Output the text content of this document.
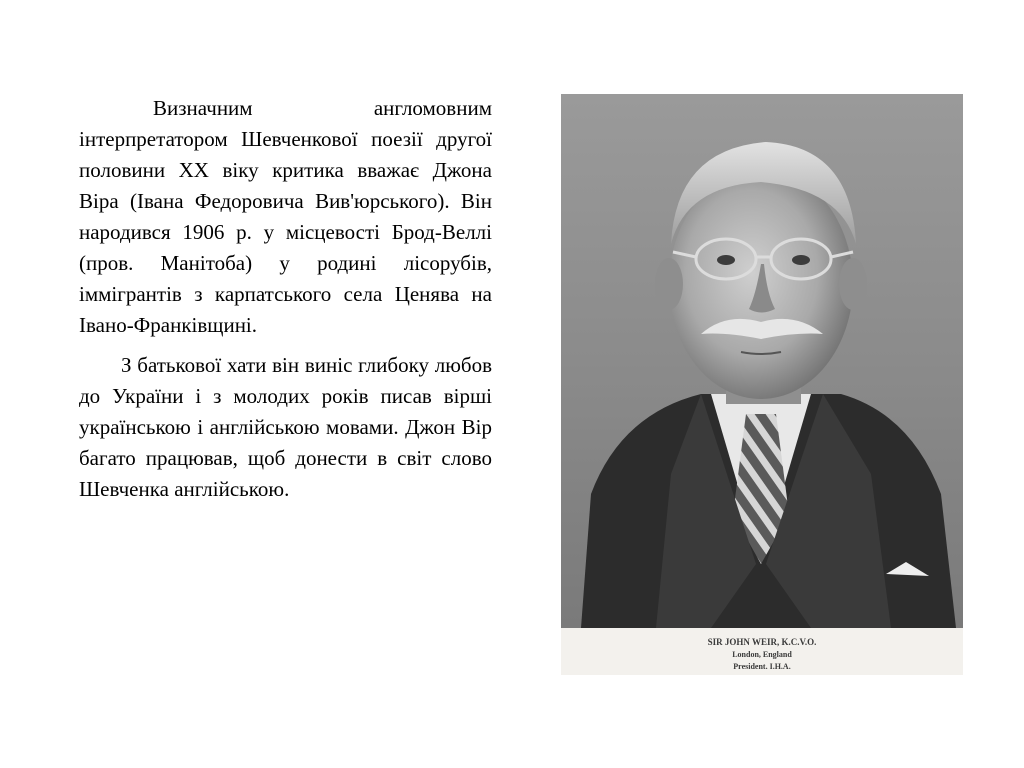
Визначним англомовним інтерпретатором Шевченкової поезії другої половини ХХ віку критика вважає Джона Віра (Івана Федоровича Вив'юрського). Він народився 1906 р. у місцевості Брод-Веллі (пров. Манітоба) у родині лісорубів, іммігрантів з карпатського села Ценява на Івано-Франківщині.

З батькової хати він виніс глибоку любов до України і з молодих років писав вірші українською і англійською мовами. Джон Вір багато працював, щоб донести в світ слово Шевченка англійською.

SIR JOHN WEIR, K.C.V.O.
London, England
President. I.H.A.
